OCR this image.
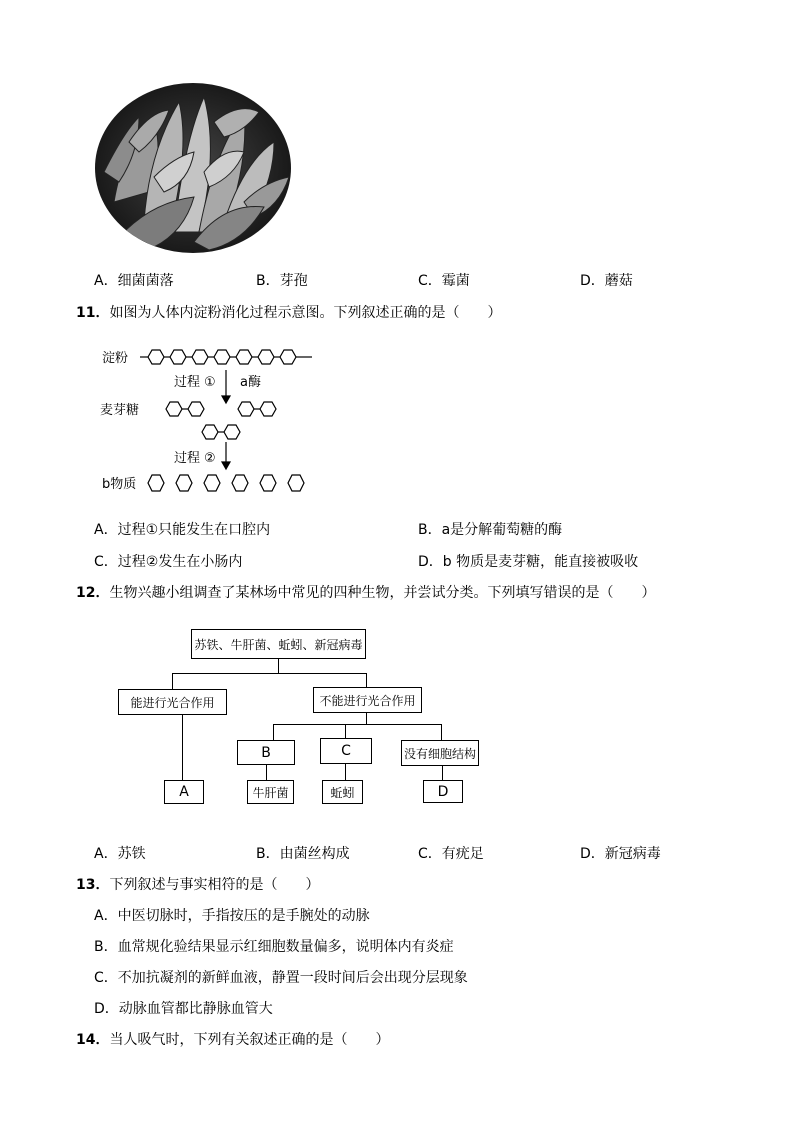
A．细菌菌落	B．芽孢	C．霉菌	D．蘑菇
11．如图为人体内淀粉消化过程示意图。下列叙述正确的是（　　）
淀粉
过程 ① a酶
麦芽糖
过程 ②
b物质
A．过程①只能发生在口腔内	B．a是分解葡萄糖的酶
C．过程②发生在小肠内	D．b 物质是麦芽糖，能直接被吸收
12．生物兴趣小组调查了某林场中常见的四种生物，并尝试分类。下列填写错误的是（　　）
苏铁、牛肝菌、蚯蚓、新冠病毒
能进行光合作用	不能进行光合作用
B	C	没有细胞结构
A	牛肝菌	蚯蚓	D
A．苏铁	B．由菌丝构成	C．有疣足	D．新冠病毒
13．下列叙述与事实相符的是（　　）
A．中医切脉时，手指按压的是手腕处的动脉
B．血常规化验结果显示红细胞数量偏多，说明体内有炎症
C．不加抗凝剂的新鲜血液，静置一段时间后会出现分层现象
D．动脉血管都比静脉血管大
14．当人吸气时，下列有关叙述正确的是（　　）
